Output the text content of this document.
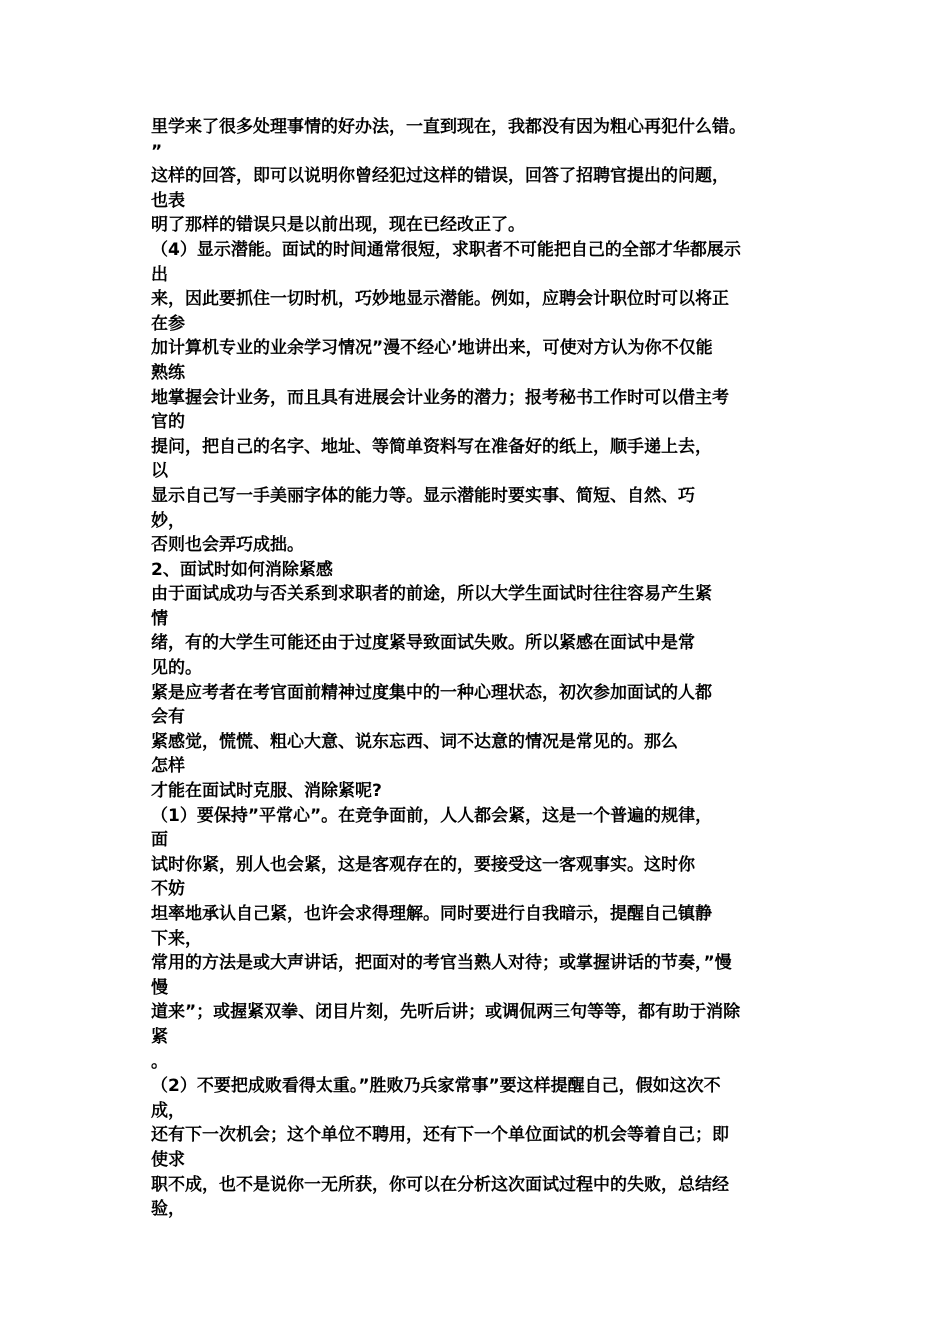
里学来了很多处理事情的好办法，一直到现在，我都没有因为粗心再犯什么错。

”

这样的回答，即可以说明你曾经犯过这样的错误，回答了招聘官提出的问题，

也表

明了那样的错误只是以前出现，现在已经改正了。

（4）显示潜能。面试的时间通常很短，求职者不可能把自己的全部才华都展示

出

来，因此要抓住一切时机，巧妙地显示潜能。例如，应聘会计职位时可以将正

在参

加计算机专业的业余学习情况”漫不经心’地讲出来，可使对方认为你不仅能

熟练

地掌握会计业务，而且具有进展会计业务的潜力；报考秘书工作时可以借主考

官的

提问，把自己的名字、地址、等简单资料写在准备好的纸上，顺手递上去，

以

显示自己写一手美丽字体的能力等。显示潜能时要实事、简短、自然、巧

妙，

否则也会弄巧成拙。

2、面试时如何消除紧感

由于面试成功与否关系到求职者的前途，所以大学生面试时往往容易产生紧

情

绪，有的大学生可能还由于过度紧导致面试失败。所以紧感在面试中是常

见的。

紧是应考者在考官面前精神过度集中的一种心理状态，初次参加面试的人都

会有

紧感觉，慌慌、粗心大意、说东忘西、词不达意的情况是常见的。那么

怎样

才能在面试时克服、消除紧呢?

（1）要保持”平常心”。在竞争面前，人人都会紧，这是一个普遍的规律，

面

试时你紧，别人也会紧，这是客观存在的，要接受这一客观事实。这时你

不妨

坦率地承认自己紧，也许会求得理解。同时要进行自我暗示，提醒自己镇静

下来，

常用的方法是或大声讲话，把面对的考官当熟人对待；或掌握讲话的节奏，”慢

慢

道来”；或握紧双拳、闭目片刻，先听后讲；或调侃两三句等等，都有助于消除

紧

。

（2）不要把成败看得太重。”胜败乃兵家常事”要这样提醒自己，假如这次不

成，

还有下一次机会；这个单位不聘用，还有下一个单位面试的机会等着自己；即

使求

职不成，也不是说你一无所获，你可以在分析这次面试过程中的失败，总结经

验，
